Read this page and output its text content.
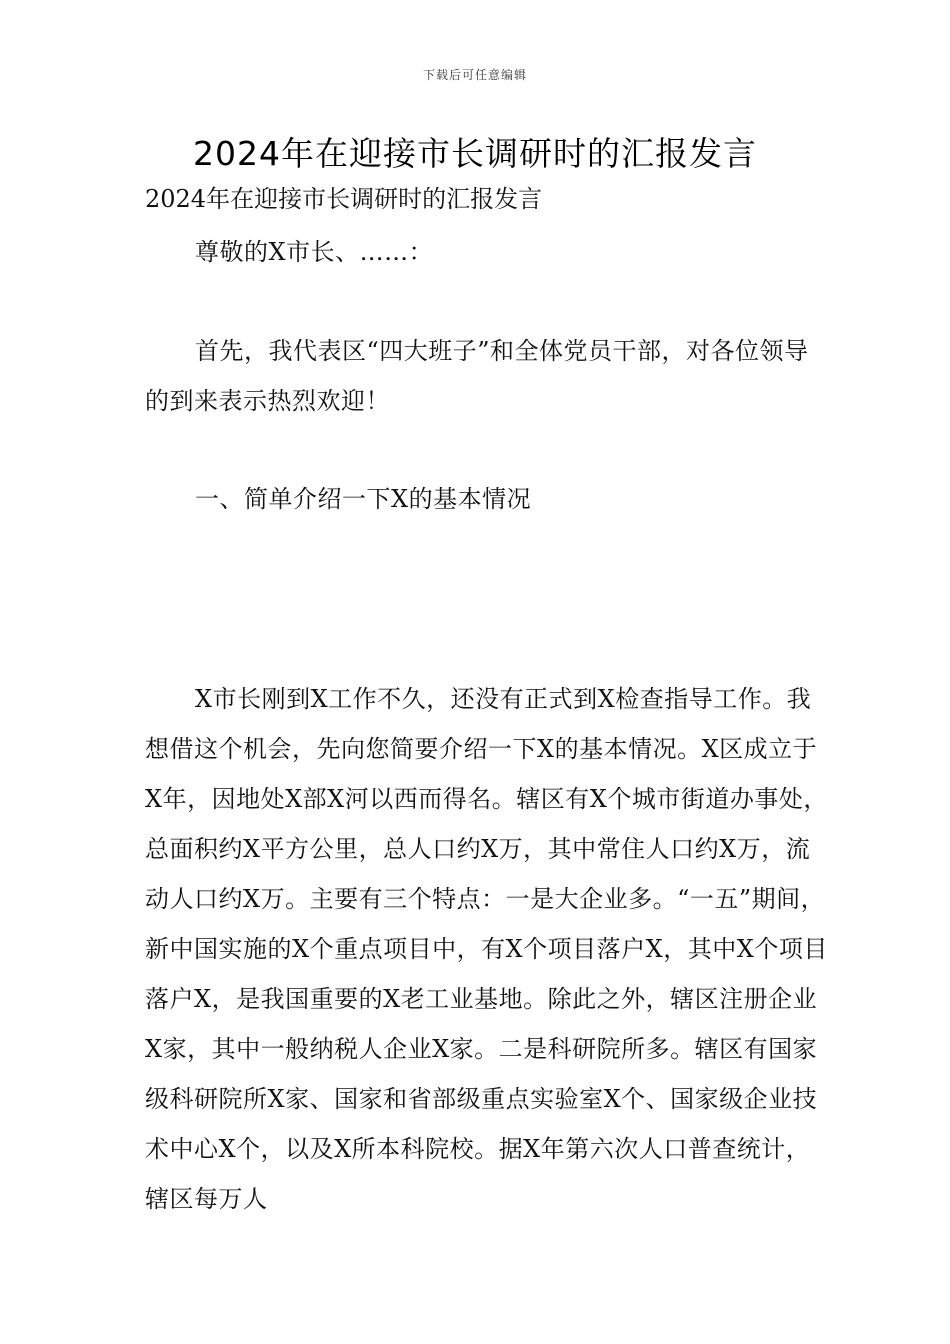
下载后可任意编辑
2024年在迎接市长调研时的汇报发言
2024年在迎接市长调研时的汇报发言
尊敬的X市长、……：
首先，我代表区“四大班子”和全体党员干部，对各位领导的到来表示热烈欢迎！
一、简单介绍一下X的基本情况
X市长刚到X工作不久，还没有正式到X检查指导工作。我想借这个机会，先向您简要介绍一下X的基本情况。X区成立于X年，因地处X部X河以西而得名。辖区有X个城市街道办事处，总面积约X平方公里，总人口约X万，其中常住人口约X万，流动人口约X万。主要有三个特点：一是大企业多。“一五”期间，新中国实施的X个重点项目中，有X个项目落户X，其中X个项目落户X，是我国重要的X老工业基地。除此之外，辖区注册企业X家，其中一般纳税人企业X家。二是科研院所多。辖区有国家级科研院所X家、国家和省部级重点实验室X个、国家级企业技术中心X个，以及X所本科院校。据X年第六次人口普查统计，辖区每万人
